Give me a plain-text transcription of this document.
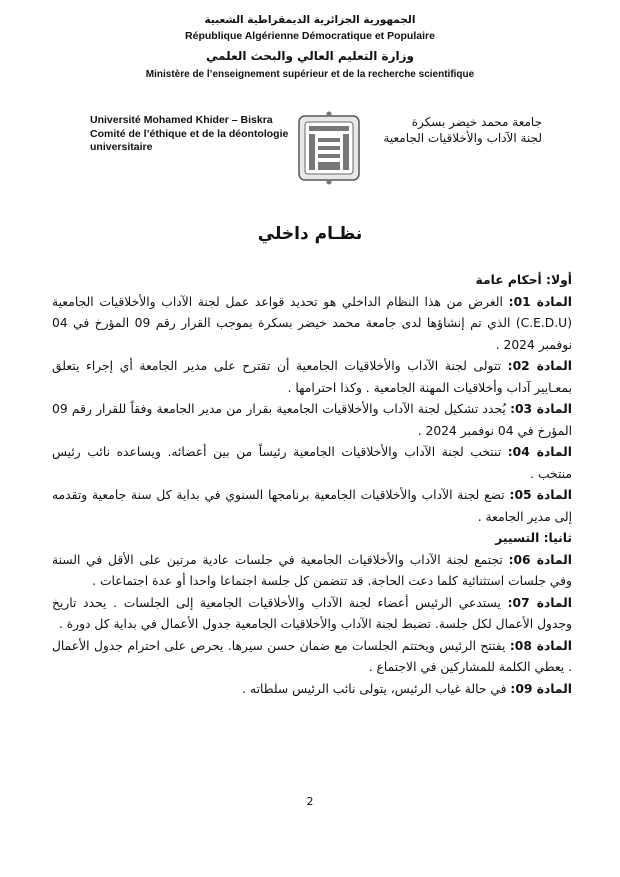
الجمهورية الجزائرية الديمقراطية الشعبية
République Algérienne Démocratique et Populaire
وزارة التعليم العالي والبحث العلمي
Ministère de l’enseignement supérieur et de la recherche scientifique
Université Mohamed Khider – Biskra
Comité de l’éthique et de la déontologie
universitaire
جامعة محمد خيضر بسكرة
لجنة الآداب والأخلاقيات الجامعية
نظـام داخلي

أولا: أحكام عامة

المادة 01: الغرض من هذا النظام الداخلي هو تحديد قواعد عمل لجنة الآداب والأخلاقيات الجامعية (C.E.D.U) الذي تم إنشاؤها لدى جامعة محمد خيضر بسكرة بموجب القرار رقم 09 المؤرخ في 04 نوفمبر 2024 .

المادة 02: تتولى لجنة الآداب والأخلاقيات الجامعية أن تقترح على مدير الجامعة أي إجراء يتعلق بمعـايير آداب وأخلاقيات المهنة الجامعية . وكذا احترامها .

المادة 03: يُحدد تشكيل لجنة الآداب والأخلاقيات الجامعية بقرار من مدير الجامعة وفقاً للقرار رقم 09 المؤرخ في 04 نوفمبر 2024 .

المادة 04: تنتخب لجنة الآداب والأخلاقيات الجامعية رئيساً من بين أعضائه. ويساعده نائب رئيس منتخب .

المادة 05: تضع لجنة الآداب والأخلاقيات الجامعية برنامجها السنوي في بداية كل سنة جامعية وتقدمه إلى مدير الجامعة .

ثانيا: التسيير

المادة 06: تجتمع لجنة الآداب والأخلاقيات الجامعية في جلسات عادية مرتين على الأقل في السنة وفي جلسات استثنائية كلما دعت الحاجة. قد تتضمن كل جلسة اجتماعا واحدا أو عدة اجتماعات .

المادة 07: يستدعي الرئيس أعضاء لجنة الآداب والأخلاقيات الجامعية إلى الجلسات . يحدد تاريخ وجدول الأعمال لكل جلسة. تضبط لجنة الآداب والأخلاقيات الجامعية جدول الأعمال في بداية كل دورة .

المادة 08: يفتتح الرئيس ويختتم الجلسات مع ضمان حسن سيرها. يحرص على احترام جدول الأعمال . يعطي الكلمة للمشاركين في الاجتماع .

المادة 09: في حالة غياب الرئيس، يتولى نائب الرئيس سلطاته .

2
